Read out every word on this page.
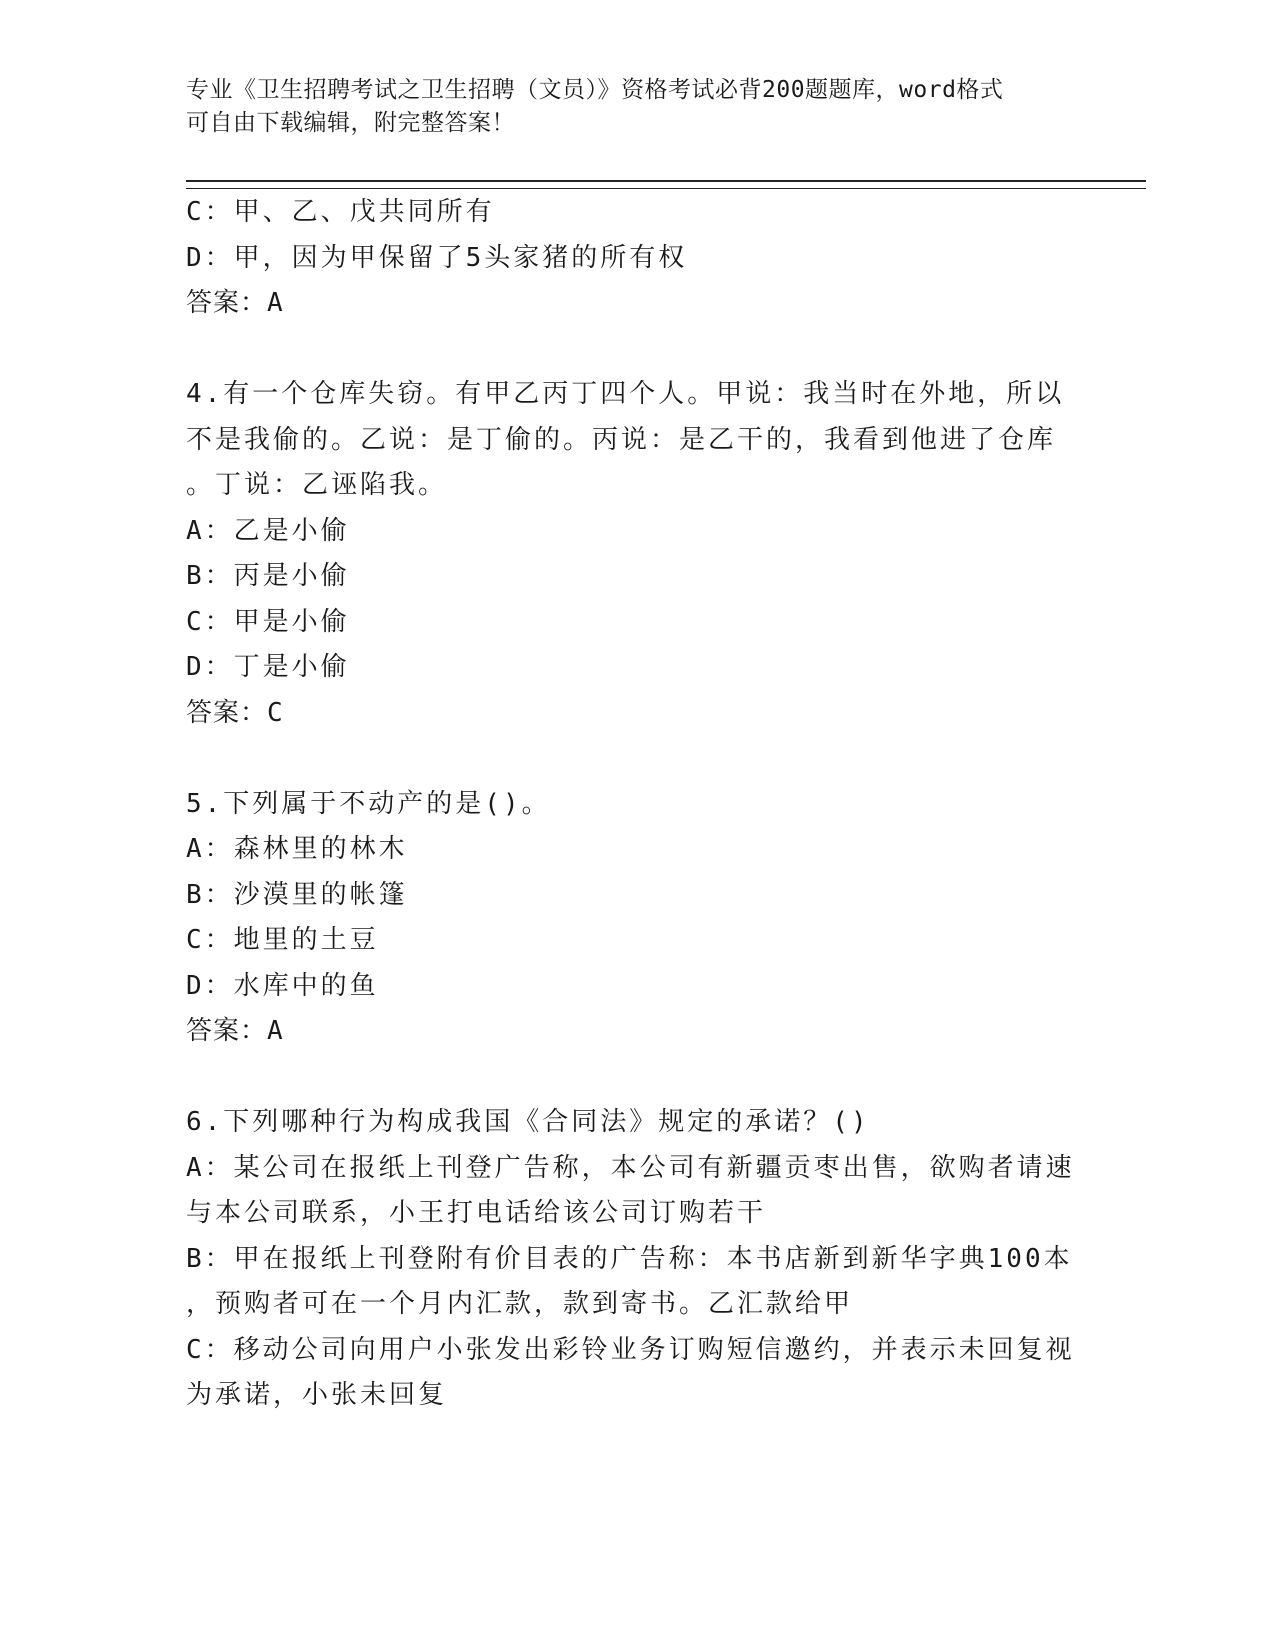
专业《卫生招聘考试之卫生招聘（文员）》资格考试必背200题题库，word格式
可自由下载编辑，附完整答案！
C：甲、乙、戊共同所有
D：甲，因为甲保留了5头家猪的所有权
答案：A
4.有一个仓库失窃。有甲乙丙丁四个人。甲说：我当时在外地，所以
不是我偷的。乙说：是丁偷的。丙说：是乙干的，我看到他进了仓库
。丁说：乙诬陷我。
A：乙是小偷
B：丙是小偷
C：甲是小偷
D：丁是小偷
答案：C
5.下列属于不动产的是()。
A：森林里的林木
B：沙漠里的帐篷
C：地里的土豆
D：水库中的鱼
答案：A
6.下列哪种行为构成我国《合同法》规定的承诺？()
A：某公司在报纸上刊登广告称，本公司有新疆贡枣出售，欲购者请速
与本公司联系，小王打电话给该公司订购若干
B：甲在报纸上刊登附有价目表的广告称：本书店新到新华字典100本
，预购者可在一个月内汇款，款到寄书。乙汇款给甲
C：移动公司向用户小张发出彩铃业务订购短信邀约，并表示未回复视
为承诺，小张未回复
